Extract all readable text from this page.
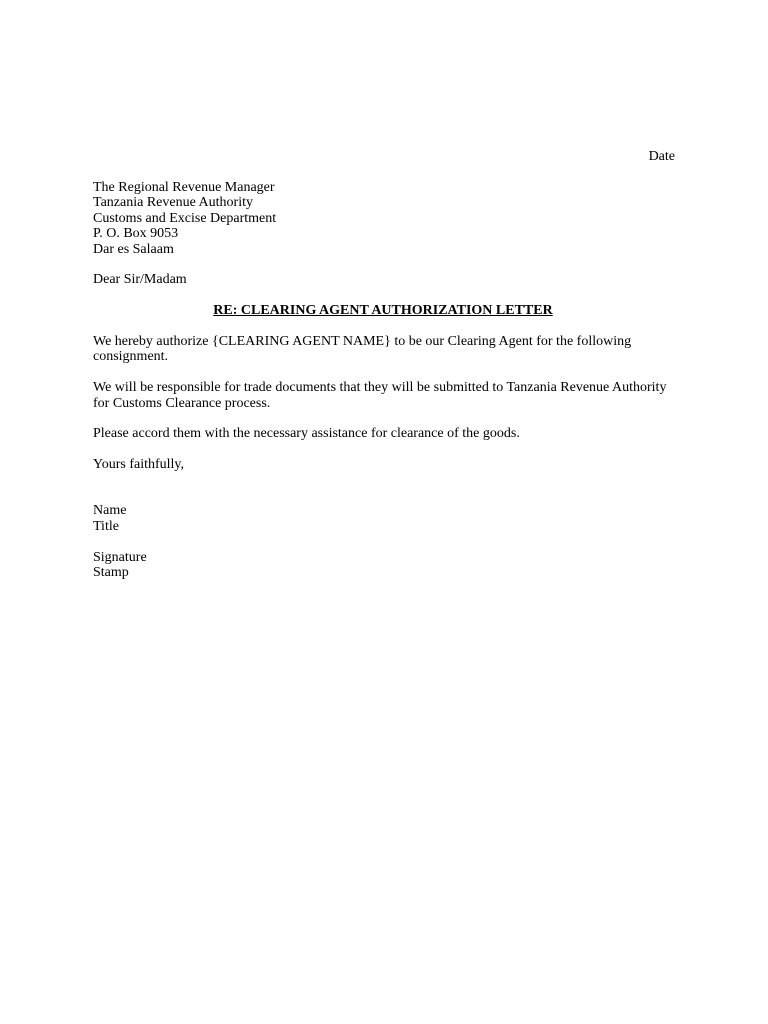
Date
The Regional Revenue Manager
Tanzania Revenue Authority
Customs and Excise Department
P. O. Box 9053
Dar es Salaam
Dear Sir/Madam
RE: CLEARING AGENT AUTHORIZATION LETTER

We hereby authorize {CLEARING AGENT NAME} to be our Clearing Agent for the following consignment.

We will be responsible for trade documents that they will be submitted to Tanzania Revenue Authority for Customs Clearance process.

Please accord them with the necessary assistance for clearance of the goods.

Yours faithfully,
Name
Title
Signature
Stamp
